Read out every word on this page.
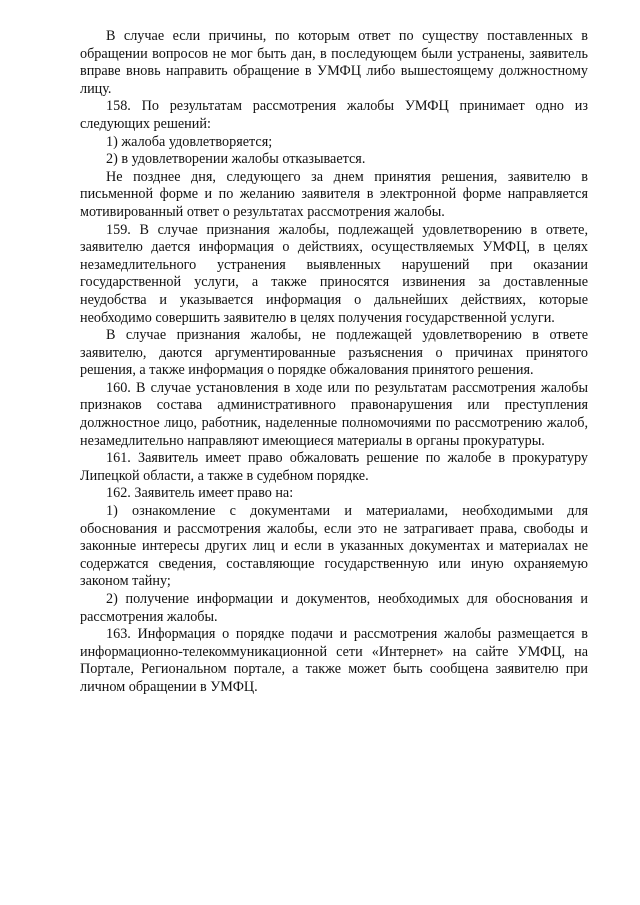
В случае если причины, по которым ответ по существу поставленных в обращении вопросов не мог быть дан, в последующем были устранены, заявитель вправе вновь направить обращение в УМФЦ либо вышестоящему должностному лицу.

158. По результатам рассмотрения жалобы УМФЦ принимает одно из следующих решений:

1) жалоба удовлетворяется;

2) в удовлетворении жалобы отказывается.

Не позднее дня, следующего за днем принятия решения, заявителю в письменной форме и по желанию заявителя в электронной форме направляется мотивированный ответ о результатах рассмотрения жалобы.

159. В случае признания жалобы, подлежащей удовлетворению в ответе, заявителю дается информация о действиях, осуществляемых УМФЦ, в целях незамедлительного устранения выявленных нарушений при оказании государственной услуги, а также приносятся извинения за доставленные неудобства и указывается информация о дальнейших действиях, которые необходимо совершить заявителю в целях получения государственной услуги.

В случае признания жалобы, не подлежащей удовлетворению в ответе заявителю, даются аргументированные разъяснения о причинах принятого решения, а также информация о порядке обжалования принятого решения.

160. В случае установления в ходе или по результатам рассмотрения жалобы признаков состава административного правонарушения или преступления должностное лицо, работник, наделенные полномочиями по рассмотрению жалоб, незамедлительно направляют имеющиеся материалы в органы прокуратуры.

161. Заявитель имеет право обжаловать решение по жалобе в прокуратуру Липецкой области, а также в судебном порядке.

162. Заявитель имеет право на:

1) ознакомление с документами и материалами, необходимыми для обоснования и рассмотрения жалобы, если это не затрагивает права, свободы и законные интересы других лиц и если в указанных документах и материалах не содержатся сведения, составляющие государственную или иную охраняемую законом тайну;

2) получение информации и документов, необходимых для обоснования и рассмотрения жалобы.

163. Информация о порядке подачи и рассмотрения жалобы размещается в информационно-телекоммуникационной сети «Интернет» на сайте УМФЦ, на Портале, Региональном портале, а также может быть сообщена заявителю при личном обращении в УМФЦ.
